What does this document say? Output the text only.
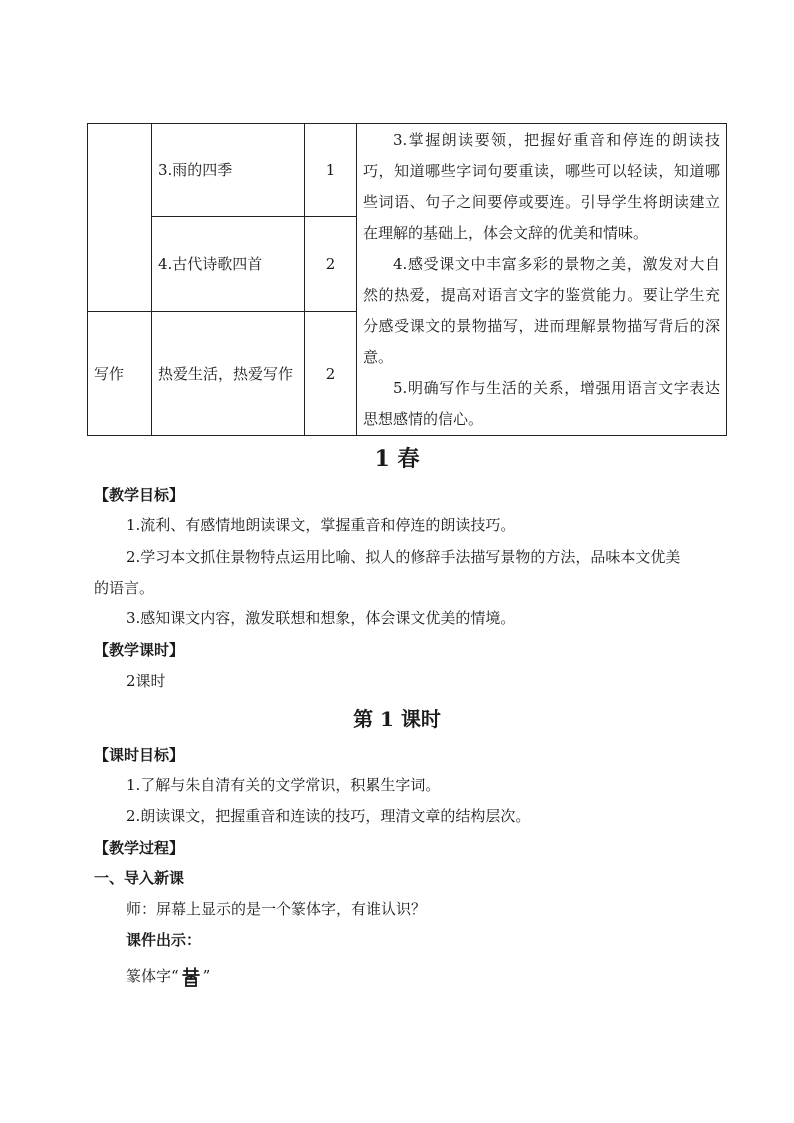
	3.雨的四季	1	3.掌握朗读要领，把握好重音和停连的朗读技巧，知道哪些字词句要重读，哪些可以轻读，知道哪些词语、句子之间要停或要连。引导学生将朗读建立在理解的基础上，体会文辞的优美和情味。

4.感受课文中丰富多彩的景物之美，激发对大自然的热爱，提高对语言文字的鉴赏能力。要让学生充分感受课文的景物描写，进而理解景物描写背后的深意。

5.明确写作与生活的关系，增强用语言文字表达思想感情的信心。

	4.古代诗歌四首	2	
写作	热爱生活，热爱写作	2	
1 春

【教学目标】

1.流利、有感情地朗读课文，掌握重音和停连的朗读技巧。

2.学习本文抓住景物特点运用比喻、拟人的修辞手法描写景物的方法，品味本文优美

的语言。

3.感知课文内容，激发联想和想象，体会课文优美的情境。

【教学课时】

2课时

第 1 课时

【课时目标】

1.了解与朱自清有关的文学常识，积累生字词。

2.朗读课文，把握重音和连读的技巧，理清文章的结构层次。

【教学过程】

一、导入新课

师：屏幕上显示的是一个篆体字，有谁认识？

课件出示：

篆体字“ ”
